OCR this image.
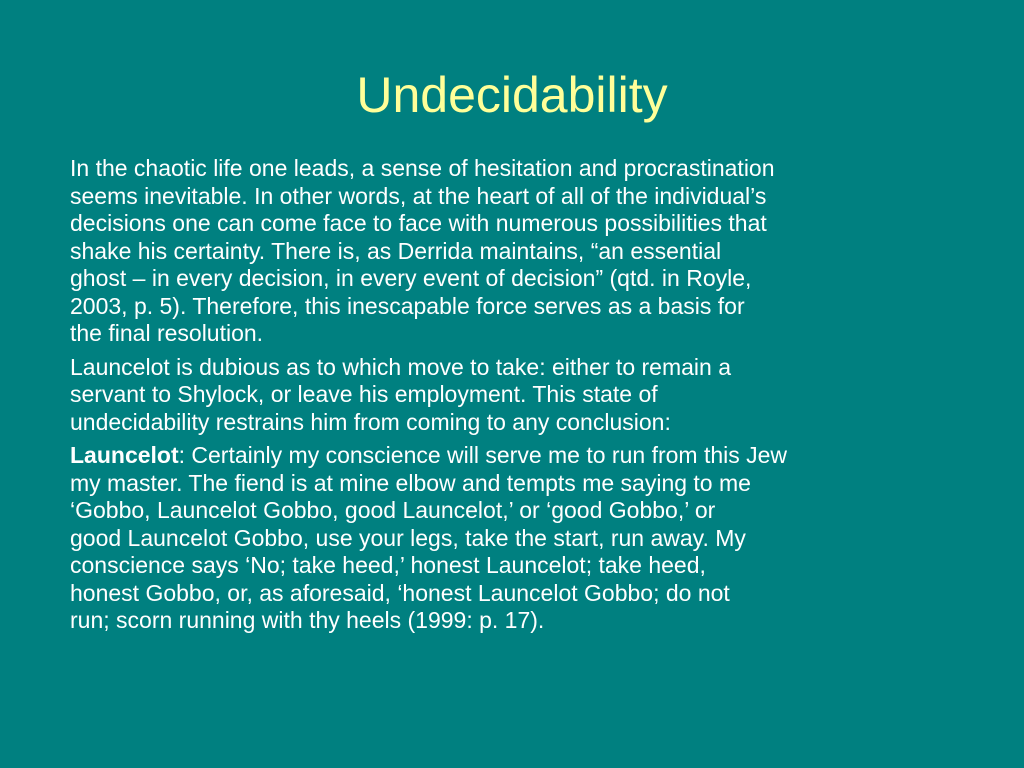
Undecidability

In the chaotic life one leads, a sense of hesitation and procrastination
seems inevitable. In other words, at the heart of all of the individual’s
decisions one can come face to face with numerous possibilities that
shake his certainty. There is, as Derrida maintains, “an essential
ghost – in every decision, in every event of decision” (qtd. in Royle,
2003, p. 5). Therefore, this inescapable force serves as a basis for
the final resolution.

Launcelot is dubious as to which move to take: either to remain a
servant to Shylock, or leave his employment. This state of
undecidability restrains him from coming to any conclusion:

Launcelot: Certainly my conscience will serve me to run from this Jew
my master. The fiend is at mine elbow and tempts me saying to me
‘Gobbo, Launcelot Gobbo, good Launcelot,’ or ‘good Gobbo,’ or
good Launcelot Gobbo, use your legs, take the start, run away. My
conscience says ‘No; take heed,’ honest Launcelot; take heed,
honest Gobbo, or, as aforesaid, ‘honest Launcelot Gobbo; do not
run; scorn running with thy heels (1999: p. 17).
